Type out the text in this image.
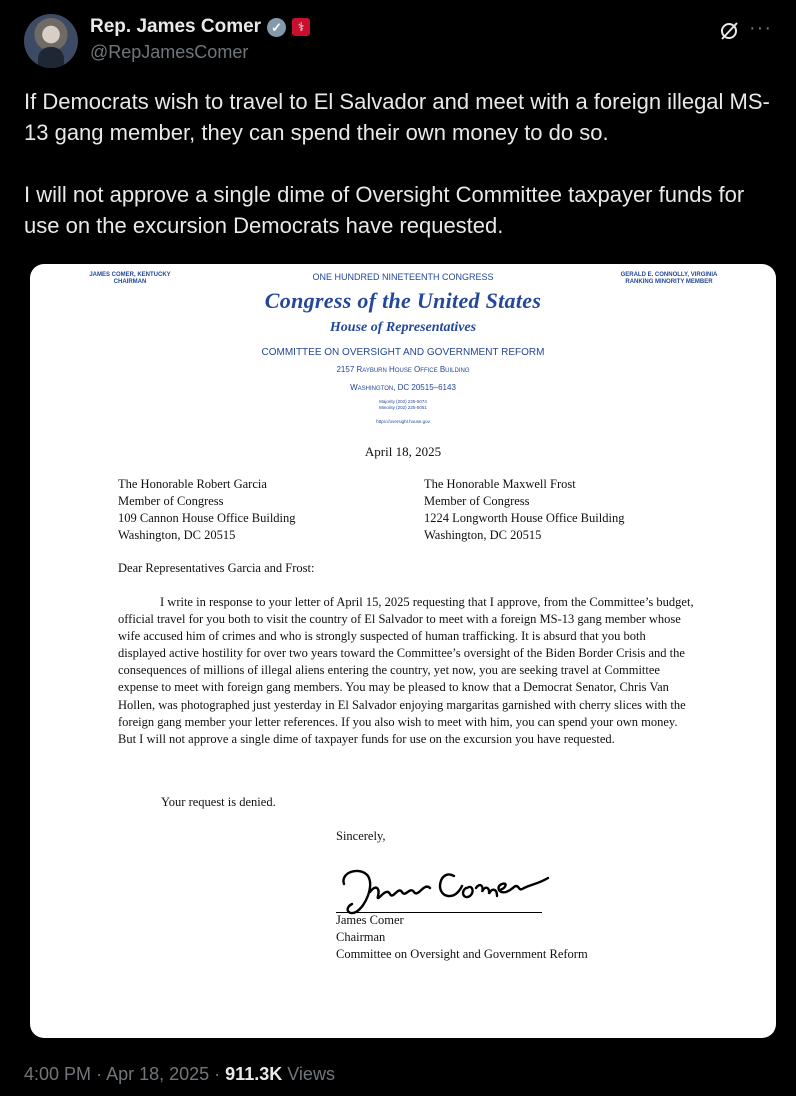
Rep. James Comer ✓	⚕
@RepJamesComer
···
If Democrats wish to travel to El Salvador and meet with a foreign illegal MS-13 gang member, they can spend their own money to do so.

I will not approve a single dime of Oversight Committee taxpayer funds for use on the excursion Democrats have requested.
JAMES COMER, KENTUCKY
CHAIRMAN
GERALD E. CONNOLLY, VIRGINIA
RANKING MINORITY MEMBER
ONE HUNDRED NINETEENTH CONGRESS
Congress of the United States
House of Representatives
COMMITTEE ON OVERSIGHT AND GOVERNMENT REFORM
2157 Rayburn House Office Building
Washington, DC 20515–6143
Majority (202) 225-5074
Minority (202) 225-5051
https://oversight.house.gov
April 18, 2025
The Honorable Robert Garcia
Member of Congress
109 Cannon House Office Building
Washington, DC 20515
The Honorable Maxwell Frost
Member of Congress
1224 Longworth House Office Building
Washington, DC 20515
Dear Representatives Garcia and Frost:
I write in response to your letter of April 15, 2025 requesting that I approve, from the Committee’s budget, official travel for you both to visit the country of El Salvador to meet with a foreign MS-13 gang member whose wife accused him of crimes and who is strongly suspected of human trafficking. It is absurd that you both displayed active hostility for over two years toward the Committee’s oversight of the Biden Border Crisis and the consequences of millions of illegal aliens entering the country, yet now, you are seeking travel at Committee expense to meet with foreign gang members. You may be pleased to know that a Democrat Senator, Chris Van Hollen, was photographed just yesterday in El Salvador enjoying margaritas garnished with cherry slices with the foreign gang member your letter references. If you also wish to meet with him, you can spend your own money. But I will not approve a single dime of taxpayer funds for use on the excursion you have requested.
Your request is denied.
Sincerely,
James Comer
Chairman
Committee on Oversight and Government Reform
4:00 PM · Apr 18, 2025 · 911.3K Views
